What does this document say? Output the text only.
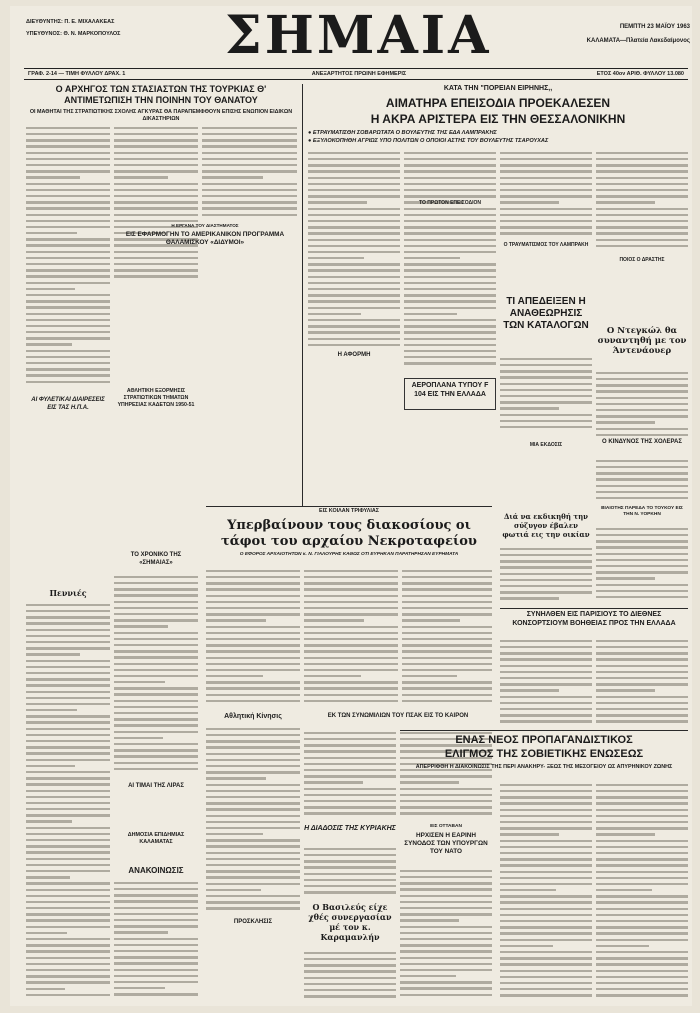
ΔΙΕΥΘΥΝΤΗΣ: Π. Ε. ΜΙΧΑΛΑΚΕΑΣ
ΥΠΕΥΘΥΝΟΣ: Θ. Ν. ΜΑΡΚΟΠΟΥΛΟΣ	ΣΗΜΑΙΑ	ΠΕΜΠΤΗ 23 ΜΑΪΟΥ 1963
ΚΑΛΑΜΑΤΑ—Πλατεία Λακεδαίμονος
ΓΡΑΦ. 2-14 — ΤΙΜΗ ΦΥΛΛΟΥ ΔΡΑΧ. 1	ΑΝΕΞΑΡΤΗΤΟΣ ΠΡΩΙΝΗ ΕΦΗΜΕΡΙΣ	ΕΤΟΣ 40ον ΑΡΙΘ. ΦΥΛΛΟΥ 13.080
Ο ΑΡΧΗΓΟΣ ΤΩΝ ΣΤΑΣΙΑΣΤΩΝ ΤΗΣ ΤΟΥΡΚΙΑΣ Θ' ΑΝΤΙΜΕΤΩΠΙΣΗ ΤΗΝ ΠΟΙΝΗΝ ΤΟΥ ΘΑΝΑΤΟΥ
ΟΙ ΜΑΘΗΤΑΙ ΤΗΣ ΣΤΡΑΤΙΩΤΙΚΗΣ ΣΧΟΛΗΣ ΑΓΚΥΡΑΣ ΘΑ ΠΑΡΑΠΕΜΦΘΟΥΝ ΕΠΙΣΗΣ ΕΝΩΠΙΟΝ ΕΙΔΙΚΩΝ ΔΙΚΑΣΤΗΡΙΩΝ
ΑΙ ΦΥΛΕΤΙΚΑΙ ΔΙΑΙΡΕΣΕΙΣ ΕΙΣ ΤΑΣ Η.Π.Α.
Η ΕΡΓΑΝΑ ΤΟΥ ΔΙΑΣΤΗΜΑΤΟΣ
ΕΙΣ ΕΦΑΡΜΟΓΗΝ ΤΟ ΑΜΕΡΙΚΑΝΙΚΟΝ ΠΡΟΓΡΑΜΜΑ ΘΑΛΑΜΙΣΚΟΥ «ΔΙΔΥΜΟΙ»
ΑΘΛΗΤΙΚΗ ΕΞΟΡΜΗΣΙΣ ΣΤΡΑΤΙΩΤΙΚΩΝ ΤΗΜΑΤΩΝ ΥΠΗΡΕΣΙΑΣ ΚΑΔΕΤΩΝ 1950-51
ΚΑΤΑ ΤΗΝ "ΠΟΡΕΙΑΝ ΕΙΡΗΝΗΣ,,
ΑΙΜΑΤΗΡΑ ΕΠΕΙΣΟΔΙΑ ΠΡΟΕΚΑΛΕΣΕΝ
Η ΑΚΡΑ ΑΡΙΣΤΕΡΑ ΕΙΣ ΤΗΝ ΘΕΣΣΑΛΟΝΙΚΗΝ
● ΕΤΡΑΥΜΑΤΙΣΘΗ ΣΟΒΑΡΩΤΑΤΑ Ο ΒΟΥΛΕΥΤΗΣ ΤΗΣ ΕΔΑ ΛΑΜΠΡΑΚΗΣ
● ΕΞΥΛΟΚΟΠΗΘΗ ΑΓΡΙΩΣ ΥΠΟ ΠΟΛΙΤΩΝ Ο ΟΠΟΙΟΙ ΑΣΤΗΣ ΤΟΥ ΒΟΥΛΕΥΤΗΣ ΤΣΑΡΟΥΧΑΣ
Η ΑΦΟΡΜΗ
ΤΟ ΠΡΩΤΟΝ ΕΠΕΙΣΟΔΙΟΝ
Ο ΤΡΑΥΜΑΤΙΣΜΟΣ ΤΟΥ ΛΑΜΠΡΑΚΗ
ΠΟΙΟΣ Ο ΔΡΑΣΤΗΣ
ΑΕΡΟΠΛΑΝΑ ΤΥΠΟΥ F 104 ΕΙΣ ΤΗΝ ΕΛΛΑΔΑ
ΤΙ ΑΠΕΔΕΙΞΕΝ Η ΑΝΑΘΕΩΡΗΣΙΣ ΤΩΝ ΚΑΤΑΛΟΓΩΝ	Ο Ντεγκώλ θα συναντηθή με τον Άντενάουερ
ΕΙΣ ΚΟΙΛΑΝ ΤΡΙΦΥΛΙΑΣ
Υπερβαίνουν τους διακοσίους οι τάφοι του αρχαίου Νεκροταφείου
Ο ΕΦΟΡΟΣ ΑΡΧΑΙΟΤΗΤΩΝ κ. Ν. ΓΙΑΛΟΥΡΗΣ ΚΑΘΩΣ ΟΤΙ ΕΥΡΗΚΑΝ ΠΑΡΑΤΗΡΗΣΑΝ ΕΥΡΗΜΑΤΑ
ΤΟ ΧΡΟΝΙΚΟ ΤΗΣ «ΣΗΜΑΙΑΣ»
Πεννιές
ΑΙ ΤΙΜΑΙ ΤΗΣ ΛΙΡΑΣ
ΔΗΜΟΣΙΑ ΕΠΙΔΗΜΙΑΣ ΚΑΛΑΜΑΤΑΣ
ΑΝΑΚΟΙΝΩΣΙΣ
Αθλητική Κίνησις
ΠΡΟΣΚΛΗΣΙΣ
ΕΚ ΤΩΝ ΣΥΝΩΜΙΛΙΩΝ ΤΟΥ ΠΣΑΚ ΕΙΣ ΤΟ ΚΑΙΡΟΝ
ΕΙΣ ΟΤΤΑΒΑΝ
ΗΡΧΙΣΕΝ Η ΕΑΡΙΝΗ ΣΥΝΟΔΟΣ ΤΩΝ ΥΠΟΥΡΓΩΝ ΤΟΥ ΝΑΤΟ
Η ΔΙΑΔΟΣΙΣ ΤΗΣ ΚΥΡΙΑΚΗΣ
Ο Βασιλεύς είχε χθές συνεργασίαν μέ τον κ. Καραμανλήν
Ο ΚΙΝΔΥΝΟΣ ΤΗΣ ΧΟΛΕΡΑΣ
ΒΙΑΙΟΤΗΣ ΠΑΡΕΔΑ ΤΟ ΤΟΥΚΟΥ ΕΙΣ ΤΗΝ Ν. ΥΟΡΚΗΝ
ΜΙΑ ΕΚΔΟΣΙΣ
Διά να εκδικηθή την σύζυγον έβαλεν φωτιά εις την οικίαν
ΣΥΝΗΛΘΕΝ ΕΙΣ ΠΑΡΙΣΙΟΥΣ ΤΟ ΔΙΕΘΝΕΣ ΚΟΝΣΟΡΤΣΙΟΥΜ ΒΟΗΘΕΙΑΣ ΠΡΟΣ ΤΗΝ ΕΛΛΑΔΑ
ΕΝΑΣ ΝΕΟΣ ΠΡΟΠΑΓΑΝΔΙΣΤΙΚΟΣ
ΕΛΙΓΜΟΣ ΤΗΣ ΣΟΒΙΕΤΙΚΗΣ ΕΝΩΣΕΩΣ
ΑΠΕΡΡΙΦΘΗ Η ΔΙΑΚΟΙΝΩΣΙΣ ΤΗΣ ΠΕΡΙ ΑΝΑΚΗΡΥ- ΞΕΩΣ ΤΗΣ ΜΕΣΟΓΕΙΟΥ ΩΣ ΑΠΥΡΗΝΙΚΟΥ ΖΩΝΗΣ
